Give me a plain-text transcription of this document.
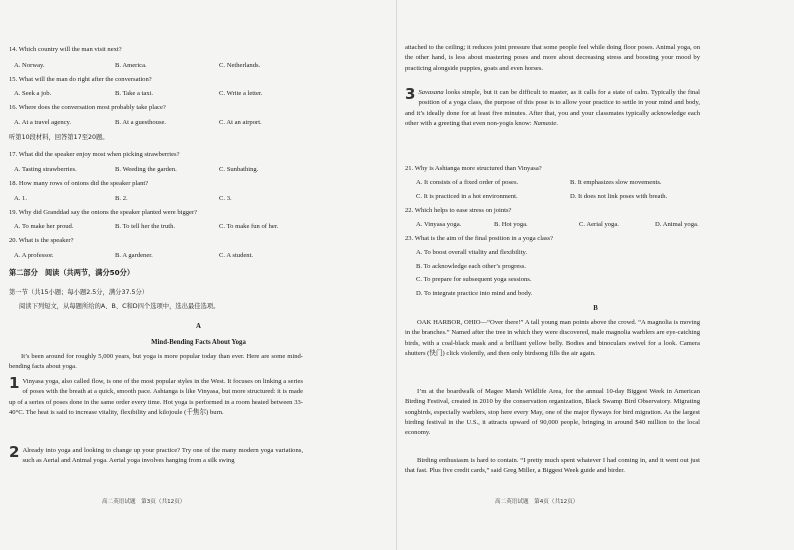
14. Which country will the man visit next?
A. Norway.	B. America.	C. Netherlands.
15. What will the man do right after the conversation?
A. Seek a job.	B. Take a taxi.	C. Write a letter.
16. Where does the conversation most probably take place?
A. At a travel agency.	B. At a guesthouse.	C. At an airport.
听第10段材料，回答第17至20题。
17. What did the speaker enjoy most when picking strawberries?
A. Tasting strawberries.	B. Weeding the garden.	C. Sunbathing.
18. How many rows of onions did the speaker plant?
A. 1.	B. 2.	C. 3.
19. Why did Granddad say the onions the speaker planted were bigger?
A. To make her proud.	B. To tell her the truth.	C. To make fun of her.
20. What is the speaker?
A. A professor.	B. A gardener.	C. A student.
第二部分　阅读（共两节，满分50分）
第一节（共15小题；每小题2.5分，满分37.5分）
阅读下列短文，从每题所给的A、B、C和D四个选项中，选出最佳选项。
A
Mind-Bending Facts About Yoga
It’s been around for roughly 5,000 years, but yoga is more popular today than ever. Here are some mind-bending facts about yoga.
1 Vinyasa yoga, also called flow, is one of the most popular styles in the West. It focuses on linking a series of poses with the breath at a quick, smooth pace. Ashtanga is like Vinyasa, but more structured: it is made up of a series of poses done in the same order every time. Hot yoga is performed in a room heated between 33-40°C. The heat is said to increase vitality, flexibility and kilojoule (千焦尔) burn.
2 Already into yoga and looking to change up your practice? Try one of the many modern yoga variations, such as Aerial and Animal yoga. Aerial yoga involves hanging from a silk swing
高二英语试题　第3页（共12页）
attached to the ceiling; it reduces joint pressure that some people feel while doing floor poses. Animal yoga, on the other hand, is less about mastering poses and more about decreasing stress and boosting your mood by practicing alongside puppies, goats and even horses.
3 Savasana looks simple, but it can be difficult to master, as it calls for a state of calm. Typically the final position of a yoga class, the purpose of this pose is to allow your practice to settle in your mind and body, and it’s ideally done for at least five minutes. After that, you and your classmates typically acknowledge each other with a greeting that even non-yogis know: Namaste.
21. Why is Ashtanga more structured than Vinyasa?
A. It consists of a fixed order of poses.	B. It emphasizes slow movements.
C. It is practiced in a hot environment.	D. It does not link poses with breath.
22. Which helps to ease stress on joints?
A. Vinyasa yoga.	B. Hot yoga.	C. Aerial yoga.	D. Animal yoga.
23. What is the aim of the final position in a yoga class?
A. To boost overall vitality and flexibility.
B. To acknowledge each other’s progress.
C. To prepare for subsequent yoga sessions.
D. To integrate practice into mind and body.
B
OAK HARBOR, OHIO—“Over there!” A tall young man points above the crowd. “A magnolia is moving in the branches.” Named after the tree in which they were discovered, male magnolia warblers are eye-catching birds, with a coal-black mask and a brilliant yellow belly. Bodies and binoculars swivel for a look. Camera shutters (快门) click violently, and then only birdsong fills the air again.
I’m at the boardwalk of Magee Marsh Wildlife Area, for the annual 10-day Biggest Week in American Birding Festival, created in 2010 by the conservation organization, Black Swamp Bird Observatory. Migrating songbirds, especially warblers, stop here every May, one of the major flyways for bird migration. As the largest birding festival in the U.S., it attracts upward of 90,000 people, bringing in around $40 million to the local economy.
Birding enthusiasm is hard to contain. “I pretty much spent whatever I had coming in, and it went out just that fast. Plus five credit cards,” said Greg Miller, a Biggest Week guide and birder.
高二英语试题　第4页（共12页）
